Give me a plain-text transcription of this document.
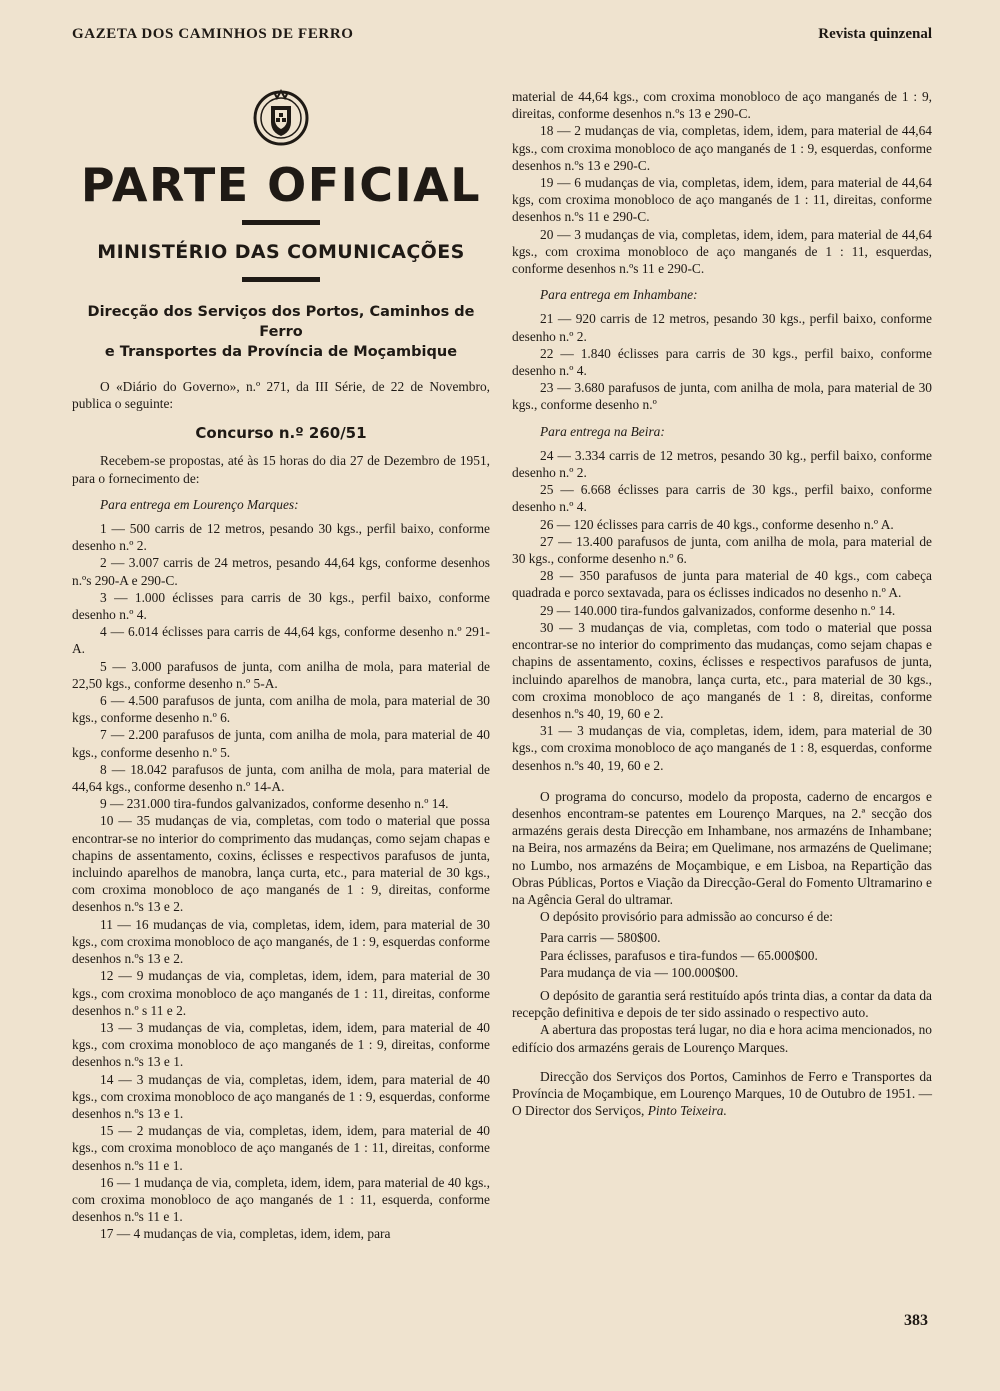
GAZETA DOS CAMINHOS DE FERRO	Revista quinzenal
PARTE OFICIAL
MINISTÉRIO DAS COMUNICAÇÕES
Direcção dos Serviços dos Portos, Caminhos de Ferro
e Transportes da Província de Moçambique

O «Diário do Governo», n.º 271, da III Série, de 22 de Novembro, publica o seguinte:

Concurso n.º 260/51

Recebem-se propostas, até às 15 horas do dia 27 de Dezembro de 1951, para o fornecimento de:

Para entrega em Lourenço Marques:

1 — 500 carris de 12 metros, pesando 30 kgs., perfil baixo, conforme desenho n.º 2.

2 — 3.007 carris de 24 metros, pesando 44,64 kgs, conforme desenhos n.ºs 290-A e 290-C.

3 — 1.000 éclisses para carris de 30 kgs., perfil baixo, conforme desenho n.º 4.

4 — 6.014 éclisses para carris de 44,64 kgs, conforme desenho n.º 291-A.

5 — 3.000 parafusos de junta, com anilha de mola, para material de 22,50 kgs., conforme desenho n.º 5-A.

6 — 4.500 parafusos de junta, com anilha de mola, para material de 30 kgs., conforme desenho n.º 6.

7 — 2.200 parafusos de junta, com anilha de mola, para material de 40 kgs., conforme desenho n.º 5.

8 — 18.042 parafusos de junta, com anilha de mola, para material de 44,64 kgs., conforme desenho n.º 14-A.

9 — 231.000 tira-fundos galvanizados, conforme desenho n.º 14.

10 — 35 mudanças de via, completas, com todo o material que possa encontrar-se no interior do comprimento das mudanças, como sejam chapas e chapins de assentamento, coxins, éclisses e respectivos parafusos de junta, incluindo aparelhos de manobra, lança curta, etc., para material de 30 kgs., com croxima monobloco de aço manganés de 1 : 9, direitas, conforme desenhos n.ºs 13 e 2.

11 — 16 mudanças de via, completas, idem, idem, para material de 30 kgs., com croxima monobloco de aço manganés, de 1 : 9, esquerdas conforme desenhos n.ºs 13 e 2.

12 — 9 mudanças de via, completas, idem, idem, para material de 30 kgs., com croxima monobloco de aço manganés de 1 : 11, direitas, conforme desenhos n.º s 11 e 2.

13 — 3 mudanças de via, completas, idem, idem, para material de 40 kgs., com croxima monobloco de aço manganés de 1 : 9, direitas, conforme desenhos n.ºs 13 e 1.

14 — 3 mudanças de via, completas, idem, idem, para material de 40 kgs., com croxima monobloco de aço manganés de 1 : 9, esquerdas, conforme desenhos n.ºs 13 e 1.

15 — 2 mudanças de via, completas, idem, idem, para material de 40 kgs., com croxima monobloco de aço manganés de 1 : 11, direitas, conforme desenhos n.ºs 11 e 1.

16 — 1 mudança de via, completa, idem, idem, para material de 40 kgs., com croxima monobloco de aço manganés de 1 : 11, esquerda, conforme desenhos n.ºs 11 e 1.

17 — 4 mudanças de via, completas, idem, idem, para

material de 44,64 kgs., com croxima monobloco de aço manganés de 1 : 9, direitas, conforme desenhos n.ºs 13 e 290-C.

18 — 2 mudanças de via, completas, idem, idem, para material de 44,64 kgs., com croxima monobloco de aço manganés de 1 : 9, esquerdas, conforme desenhos n.ºs 13 e 290-C.

19 — 6 mudanças de via, completas, idem, idem, para material de 44,64 kgs, com croxima monobloco de aço manganés de 1 : 11, direitas, conforme desenhos n.ºs 11 e 290-C.

20 — 3 mudanças de via, completas, idem, idem, para material de 44,64 kgs., com croxima monobloco de aço manganés de 1 : 11, esquerdas, conforme desenhos n.ºs 11 e 290-C.

Para entrega em Inhambane:

21 — 920 carris de 12 metros, pesando 30 kgs., perfil baixo, conforme desenho n.º 2.

22 — 1.840 éclisses para carris de 30 kgs., perfil baixo, conforme desenho n.º 4.

23 — 3.680 parafusos de junta, com anilha de mola, para material de 30 kgs., conforme desenho n.º

Para entrega na Beira:

24 — 3.334 carris de 12 metros, pesando 30 kg., perfil baixo, conforme desenho n.º 2.

25 — 6.668 éclisses para carris de 30 kgs., perfil baixo, conforme desenho n.º 4.

26 — 120 éclisses para carris de 40 kgs., conforme desenho n.º A.

27 — 13.400 parafusos de junta, com anilha de mola, para material de 30 kgs., conforme desenho n.º 6.

28 — 350 parafusos de junta para material de 40 kgs., com cabeça quadrada e porco sextavada, para os éclisses indicados no desenho n.º A.

29 — 140.000 tira-fundos galvanizados, conforme desenho n.º 14.

30 — 3 mudanças de via, completas, com todo o material que possa encontrar-se no interior do comprimento das mudanças, como sejam chapas e chapins de assentamento, coxins, éclisses e respectivos parafusos de junta, incluindo aparelhos de manobra, lança curta, etc., para material de 30 kgs., com croxima monobloco de aço manganés de 1 : 8, direitas, conforme desenhos n.ºs 40, 19, 60 e 2.

31 — 3 mudanças de via, completas, idem, idem, para material de 30 kgs., com croxima monobloco de aço manganés de 1 : 8, esquerdas, conforme desenhos n.ºs 40, 19, 60 e 2.

O programa do concurso, modelo da proposta, caderno de encargos e desenhos encontram-se patentes em Lourenço Marques, na 2.ª secção dos armazéns gerais desta Direcção em Inhambane, nos armazéns de Inhambane; na Beira, nos armazéns da Beira; em Quelimane, nos armazéns de Quelimane; no Lumbo, nos armazéns de Moçambique, e em Lisboa, na Repartição das Obras Públicas, Portos e Viação da Direcção-Geral do Fomento Ultramarino e na Agência Geral do ultramar.

O depósito provisório para admissão ao concurso é de:

Para carris — 580$00.

Para éclisses, parafusos e tira-fundos — 65.000$00.

Para mudança de via — 100.000$00.

O depósito de garantia será restituído após trinta dias, a contar da data da recepção definitiva e depois de ter sido assinado o respectivo auto.

A abertura das propostas terá lugar, no dia e hora acima mencionados, no edifício dos armazéns gerais de Lourenço Marques.

Direcção dos Serviços dos Portos, Caminhos de Ferro e Transportes da Província de Moçambique, em Lourenço Marques, 10 de Outubro de 1951. — O Director dos Serviços, Pinto Teixeira.

383
